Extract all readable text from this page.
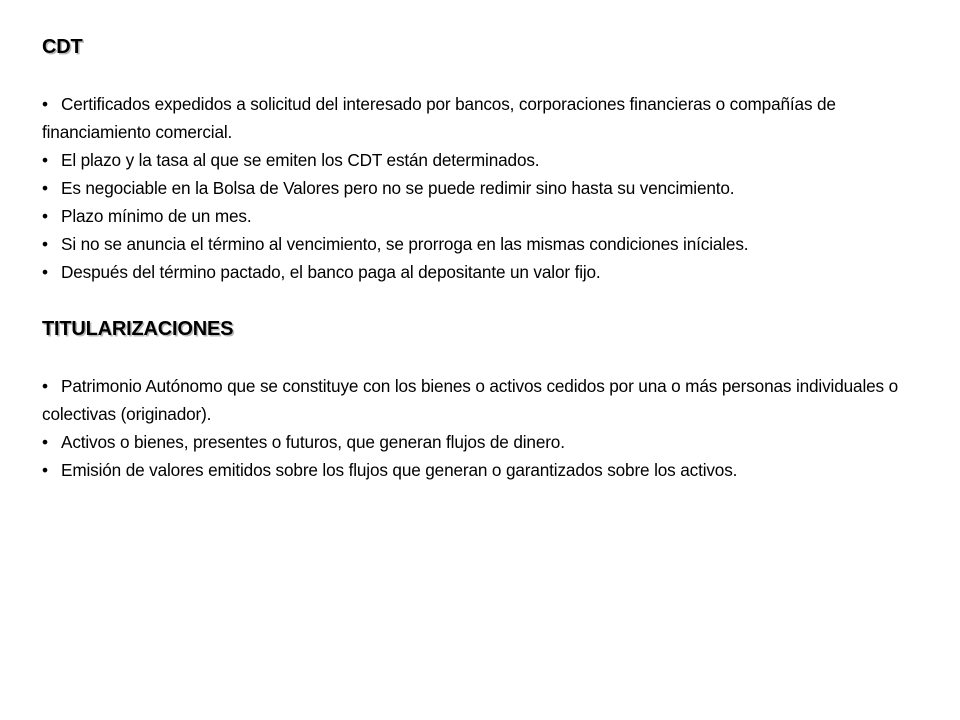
CDT
• Certificados expedidos a solicitud del interesado por bancos, corporaciones financieras o compañías de financiamiento comercial.
• El plazo y la tasa al que se emiten los CDT están determinados.
• Es negociable en la Bolsa de Valores pero no se puede redimir sino hasta su vencimiento.
• Plazo mínimo de un mes.
• Si no se anuncia el término al vencimiento, se prorroga en las mismas condiciones iníciales.
• Después del término pactado, el banco paga al depositante un valor fijo.
TITULARIZACIONES
• Patrimonio Autónomo que se constituye con los bienes o activos cedidos por una o más personas individuales o colectivas (originador).
• Activos o bienes, presentes o futuros, que generan flujos de dinero.
• Emisión de valores emitidos sobre los flujos que generan o garantizados sobre los activos.
